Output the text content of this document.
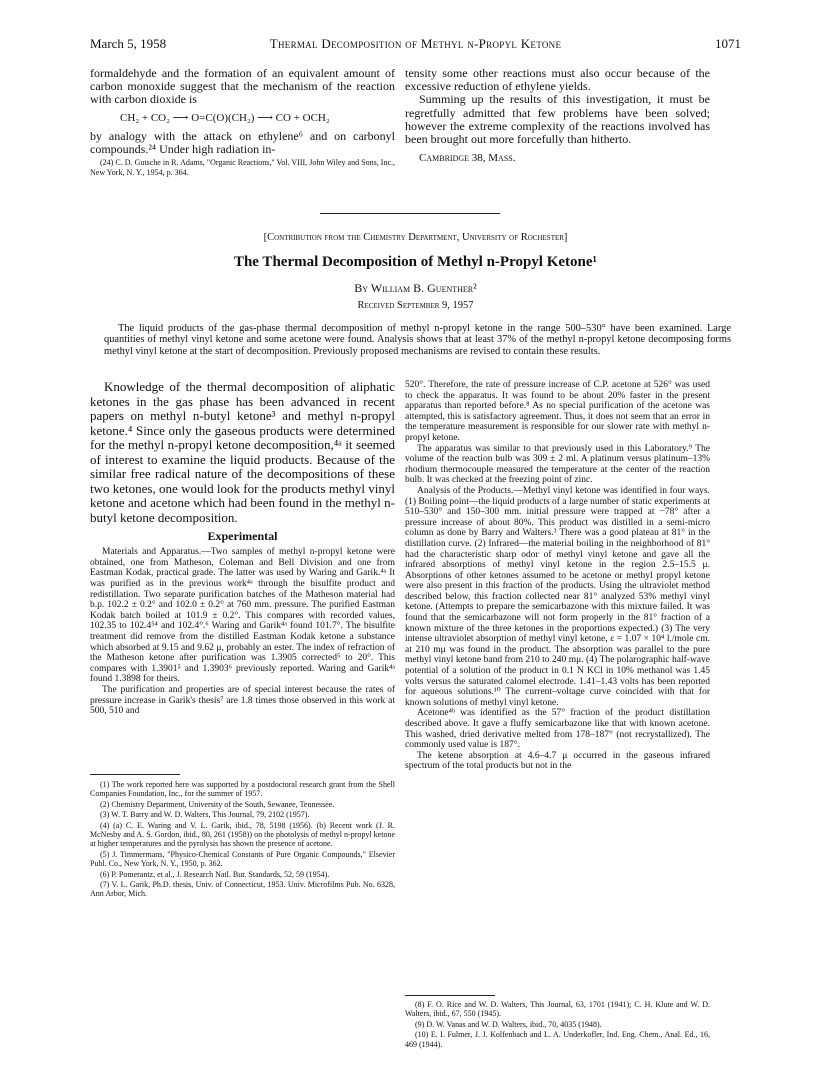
March 5, 1958	Thermal Decomposition of Methyl n-Propyl Ketone	1071

formaldehyde and the formation of an equivalent amount of carbon monoxide suggest that the mechanism of the reaction with carbon dioxide is

CH₂ + CO₂ ⟶ O=C(O)(CH₂) ⟶ CO + OCH₂

by analogy with the attack on ethylene⁶ and on carbonyl compounds.²⁴ Under high radiation in-

(24) C. D. Gutsche in R. Adams, "Organic Reactions," Vol. VIII, John Wiley and Sons, Inc., New York, N. Y., 1954, p. 364.

tensity some other reactions must also occur because of the excessive reduction of ethylene yields.

Summing up the results of this investigation, it must be regretfully admitted that few problems have been solved; however the extreme complexity of the reactions involved has been brought out more forcefully than hitherto.

Cambridge 38, Mass.

[Contribution from the Chemistry Department, University of Rochester]
The Thermal Decomposition of Methyl n-Propyl Ketone¹
By William B. Guenther²
Received September 9, 1957
The liquid products of the gas-phase thermal decomposition of methyl n-propyl ketone in the range 500–530° have been examined. Large quantities of methyl vinyl ketone and some acetone were found. Analysis shows that at least 37% of the methyl n-propyl ketone decomposing forms methyl vinyl ketone at the start of decomposition. Previously proposed mechanisms are revised to contain these results.

Knowledge of the thermal decomposition of aliphatic ketones in the gas phase has been advanced in recent papers on methyl n-butyl ketone³ and methyl n-propyl ketone.⁴ Since only the gaseous products were determined for the methyl n-propyl ketone decomposition,⁴ᵃ it seemed of interest to examine the liquid products. Because of the similar free radical nature of the decompositions of these two ketones, one would look for the products methyl vinyl ketone and acetone which had been found in the methyl n-butyl ketone decomposition.

Experimental

Materials and Apparatus.—Two samples of methyl n-propyl ketone were obtained, one from Matheson, Coleman and Bell Division and one from Eastman Kodak, practical grade. The latter was used by Waring and Garik.⁴ᵃ It was purified as in the previous work⁴ᵃ through the bisulfite product and redistillation. Two separate purification batches of the Matheson material had b.p. 102.2 ± 0.2° and 102.0 ± 0.2° at 760 mm. pressure. The purified Eastman Kodak batch boiled at 101.9 ± 0.2°. This compares with recorded values, 102.35 to 102.4⁵⁴ and 102.4°.⁶ Waring and Garik⁴ᵃ found 101.7°. The bisulfite treatment did remove from the distilled Eastman Kodak ketone a substance which absorbed at 9.15 and 9.62 μ, probably an ester. The index of refraction of the Matheson ketone after purification was 1.3905 corrected⁵ to 20°. This compares with 1.3901⁵ and 1.3903⁶ previously reported. Waring and Garik⁴ᵃ found 1.3898 for theirs.

The purification and properties are of special interest because the rates of pressure increase in Garik's thesis⁷ are 1.8 times those observed in this work at 500, 510 and

(1) The work reported here was supported by a postdoctoral research grant from the Shell Companies Foundation, Inc., for the summer of 1957.

(2) Chemistry Department, University of the South, Sewanee, Tennessee.

(3) W. T. Barry and W. D. Walters, This Journal, 79, 2102 (1957).

(4) (a) C. E. Waring and V. L. Garik, ibid., 78, 5198 (1956). (b) Recent work (J. R. McNesby and A. S. Gordon, ibid., 80, 261 (1958)) on the photolysis of methyl n-propyl ketone at higher temperatures and the pyrolysis has shown the presence of acetone.

(5) J. Timmermans, "Physico-Chemical Constants of Pure Organic Compounds," Elsevier Publ. Co., New York, N. Y., 1950, p. 362.

(6) P. Pomerantz, et al., J. Research Natl. Bur. Standards, 52, 59 (1954).

(7) V. L. Garik, Ph.D. thesis, Univ. of Connecticut, 1953. Univ. Microfilms Pub. No. 6328, Ann Arbor, Mich.

520°. Therefore, the rate of pressure increase of C.P. acetone at 526° was used to check the apparatus. It was found to be about 20% faster in the present apparatus than reported before.⁸ As no special purification of the acetone was attempted, this is satisfactory agreement. Thus, it does not seem that an error in the temperature measurement is responsible for our slower rate with methyl n-propyl ketone.

The apparatus was similar to that previously used in this Laboratory.⁹ The volume of the reaction bulb was 309 ± 2 ml. A platinum versus platinum–13% rhodium thermocouple measured the temperature at the center of the reaction bulb. It was checked at the freezing point of zinc.

Analysis of the Products.—Methyl vinyl ketone was identified in four ways. (1) Boiling point—the liquid products of a large number of static experiments at 510–530° and 150–300 mm. initial pressure were trapped at −78° after a pressure increase of about 80%. This product was distilled in a semi-micro column as done by Barry and Walters.³ There was a good plateau at 81° in the distillation curve. (2) Infrared—the material boiling in the neighborhood of 81° had the characteristic sharp odor of methyl vinyl ketone and gave all the infrared absorptions of methyl vinyl ketone in the region 2.5–15.5 μ. Absorptions of other ketones assumed to be acetone or methyl propyl ketone were also present in this fraction of the products. Using the ultraviolet method described below, this fraction collected near 81° analyzed 53% methyl vinyl ketone. (Attempts to prepare the semicarbazone with this mixture failed. It was found that the semicarbazone will not form properly in the 81° fraction of a known mixture of the three ketones in the proportions expected.) (3) The very intense ultraviolet absorption of methyl vinyl ketone, ε = 1.07 × 10⁴ l./mole cm. at 210 mμ was found in the product. The absorption was parallel to the pure methyl vinyl ketone band from 210 to 240 mμ. (4) The polarographic half-wave potential of a solution of the product in 0.1 N KCl in 10% methanol was 1.45 volts versus the saturated calomel electrode. 1.41–1.43 volts has been reported for aqueous solutions.¹⁰ The current–voltage curve coincided with that for known solutions of methyl vinyl ketone.

Acetone⁴ᵇ was identified as the 57° fraction of the product distillation described above. It gave a fluffy semicarbazone like that with known acetone. This washed, dried derivative melted from 178–187° (not recrystallized). The commonly used value is 187°.

The ketene absorption at 4.6–4.7 μ occurred in the gaseous infrared spectrum of the total products but not in the

(8) F. O. Rice and W. D. Walters, This Journal, 63, 1701 (1941); C. H. Klute and W. D. Walters, ibid., 67, 550 (1945).

(9) D. W. Vanas and W. D. Walters, ibid., 70, 4035 (1948).

(10) E. I. Fulmer, J. J. Kolfenbach and L. A. Underkofler, Ind. Eng. Chem., Anal. Ed., 16, 469 (1944).
